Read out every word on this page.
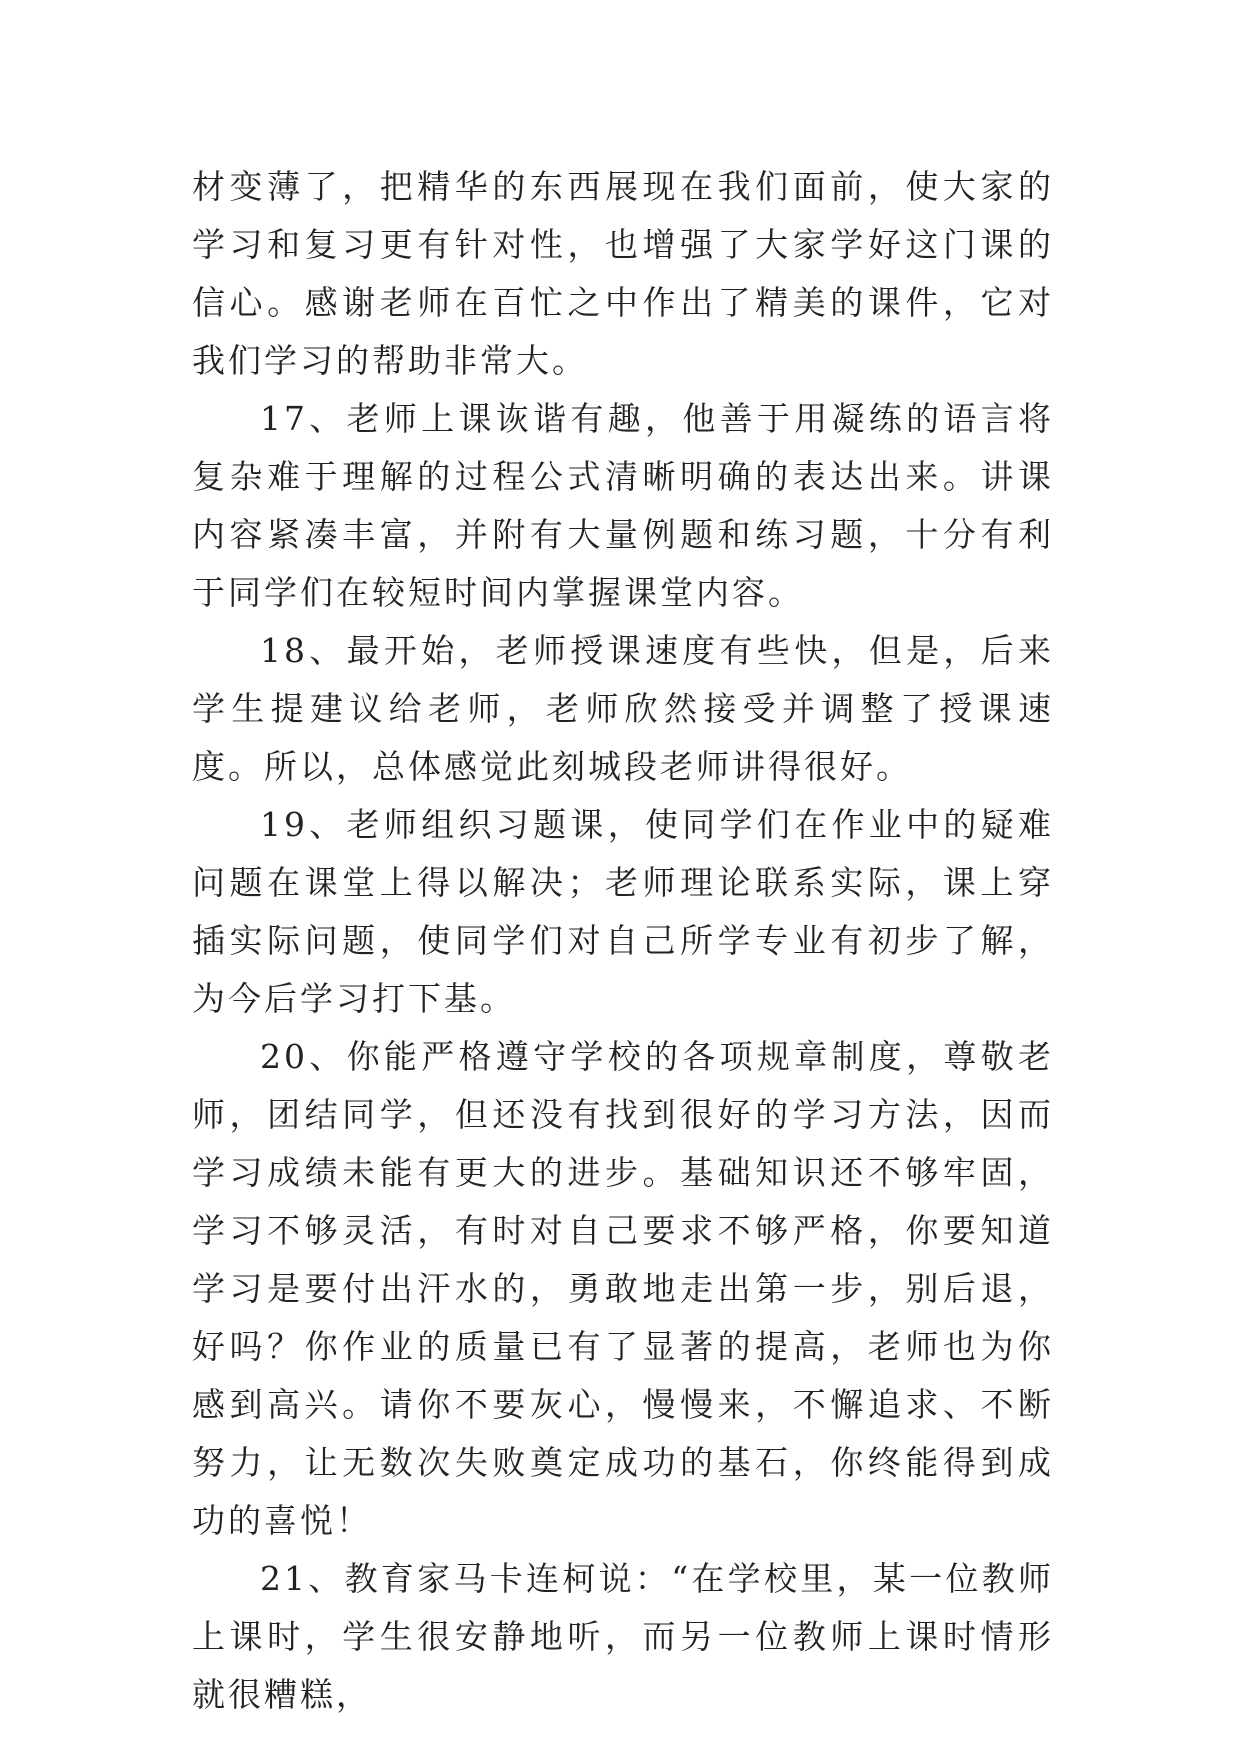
材变薄了，把精华的东西展现在我们面前，使大家的学习和复习更有针对性，也增强了大家学好这门课的信心。感谢老师在百忙之中作出了精美的课件，它对我们学习的帮助非常大。

17、老师上课诙谐有趣，他善于用凝练的语言将复杂难于理解的过程公式清晰明确的表达出来。讲课内容紧凑丰富，并附有大量例题和练习题，十分有利于同学们在较短时间内掌握课堂内容。

18、最开始，老师授课速度有些快，但是，后来学生提建议给老师，老师欣然接受并调整了授课速度。所以，总体感觉此刻城段老师讲得很好。

19、老师组织习题课，使同学们在作业中的疑难问题在课堂上得以解决；老师理论联系实际，课上穿插实际问题，使同学们对自己所学专业有初步了解，为今后学习打下基。

20、你能严格遵守学校的各项规章制度，尊敬老师，团结同学，但还没有找到很好的学习方法，因而学习成绩未能有更大的进步。基础知识还不够牢固，学习不够灵活，有时对自己要求不够严格，你要知道学习是要付出汗水的，勇敢地走出第一步，别后退，好吗？你作业的质量已有了显著的提高，老师也为你感到高兴。请你不要灰心，慢慢来，不懈追求、不断努力，让无数次失败奠定成功的基石，你终能得到成功的喜悦！

21、教育家马卡连柯说：“在学校里，某一位教师上课时，学生很安静地听，而另一位教师上课时情形就很糟糕，
